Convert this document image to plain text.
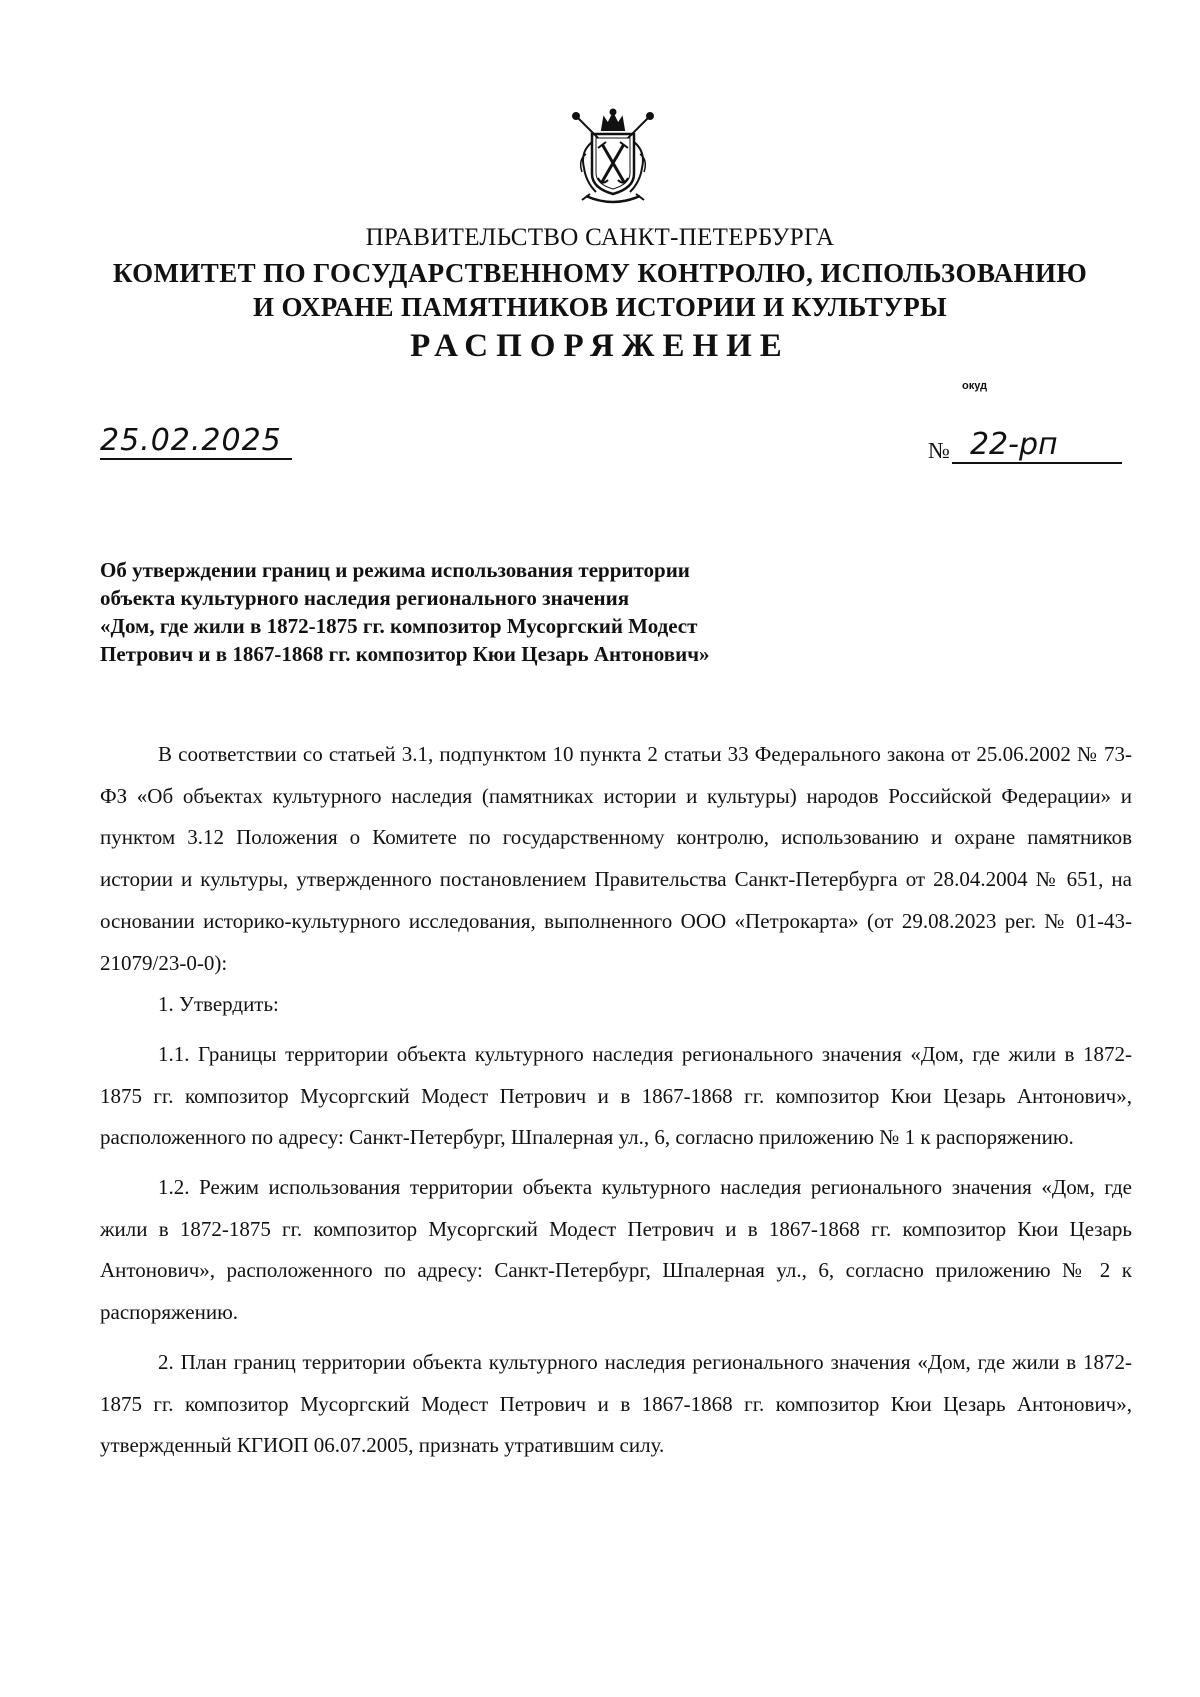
ПРАВИТЕЛЬСТВО САНКТ-ПЕТЕРБУРГА
КОМИТЕТ ПО ГОСУДАРСТВЕННОМУ КОНТРОЛЮ, ИСПОЛЬЗОВАНИЮ
И ОХРАНЕ ПАМЯТНИКОВ ИСТОРИИ И КУЛЬТУРЫ
РАСПОРЯЖЕНИЕ
окуд
25.02.2025	№ 22-рп
Об утверждении границ и режима использования территории
объекта культурного наследия регионального значения
«Дом, где жили в 1872-1875 гг. композитор Мусоргский Модест
Петрович и в 1867-1868 гг. композитор Кюи Цезарь Антонович»

В соответствии со статьей 3.1, подпунктом 10 пункта 2 статьи 33 Федерального закона от 25.06.2002 № 73-ФЗ «Об объектах культурного наследия (памятниках истории и культуры) народов Российской Федерации» и пунктом 3.12 Положения о Комитете по государственному контролю, использованию и охране памятников истории и культуры, утвержденного постановлением Правительства Санкт-Петербурга от 28.04.2004 № 651, на основании историко-культурного исследования, выполненного ООО «Петрокарта» (от 29.08.2023 рег. № 01-43-21079/23-0-0):

1. Утвердить:

1.1. Границы территории объекта культурного наследия регионального значения «Дом, где жили в 1872-1875 гг. композитор Мусоргский Модест Петрович и в 1867-1868 гг. композитор Кюи Цезарь Антонович», расположенного по адресу: Санкт-Петербург, Шпалерная ул., 6, согласно приложению № 1 к распоряжению.

1.2. Режим использования территории объекта культурного наследия регионального значения «Дом, где жили в 1872-1875 гг. композитор Мусоргский Модест Петрович и в 1867-1868 гг. композитор Кюи Цезарь Антонович», расположенного по адресу: Санкт-Петербург, Шпалерная ул., 6, согласно приложению № 2 к распоряжению.

2. План границ территории объекта культурного наследия регионального значения «Дом, где жили в 1872-1875 гг. композитор Мусоргский Модест Петрович и в 1867-1868 гг. композитор Кюи Цезарь Антонович», утвержденный КГИОП 06.07.2005, признать утратившим силу.
